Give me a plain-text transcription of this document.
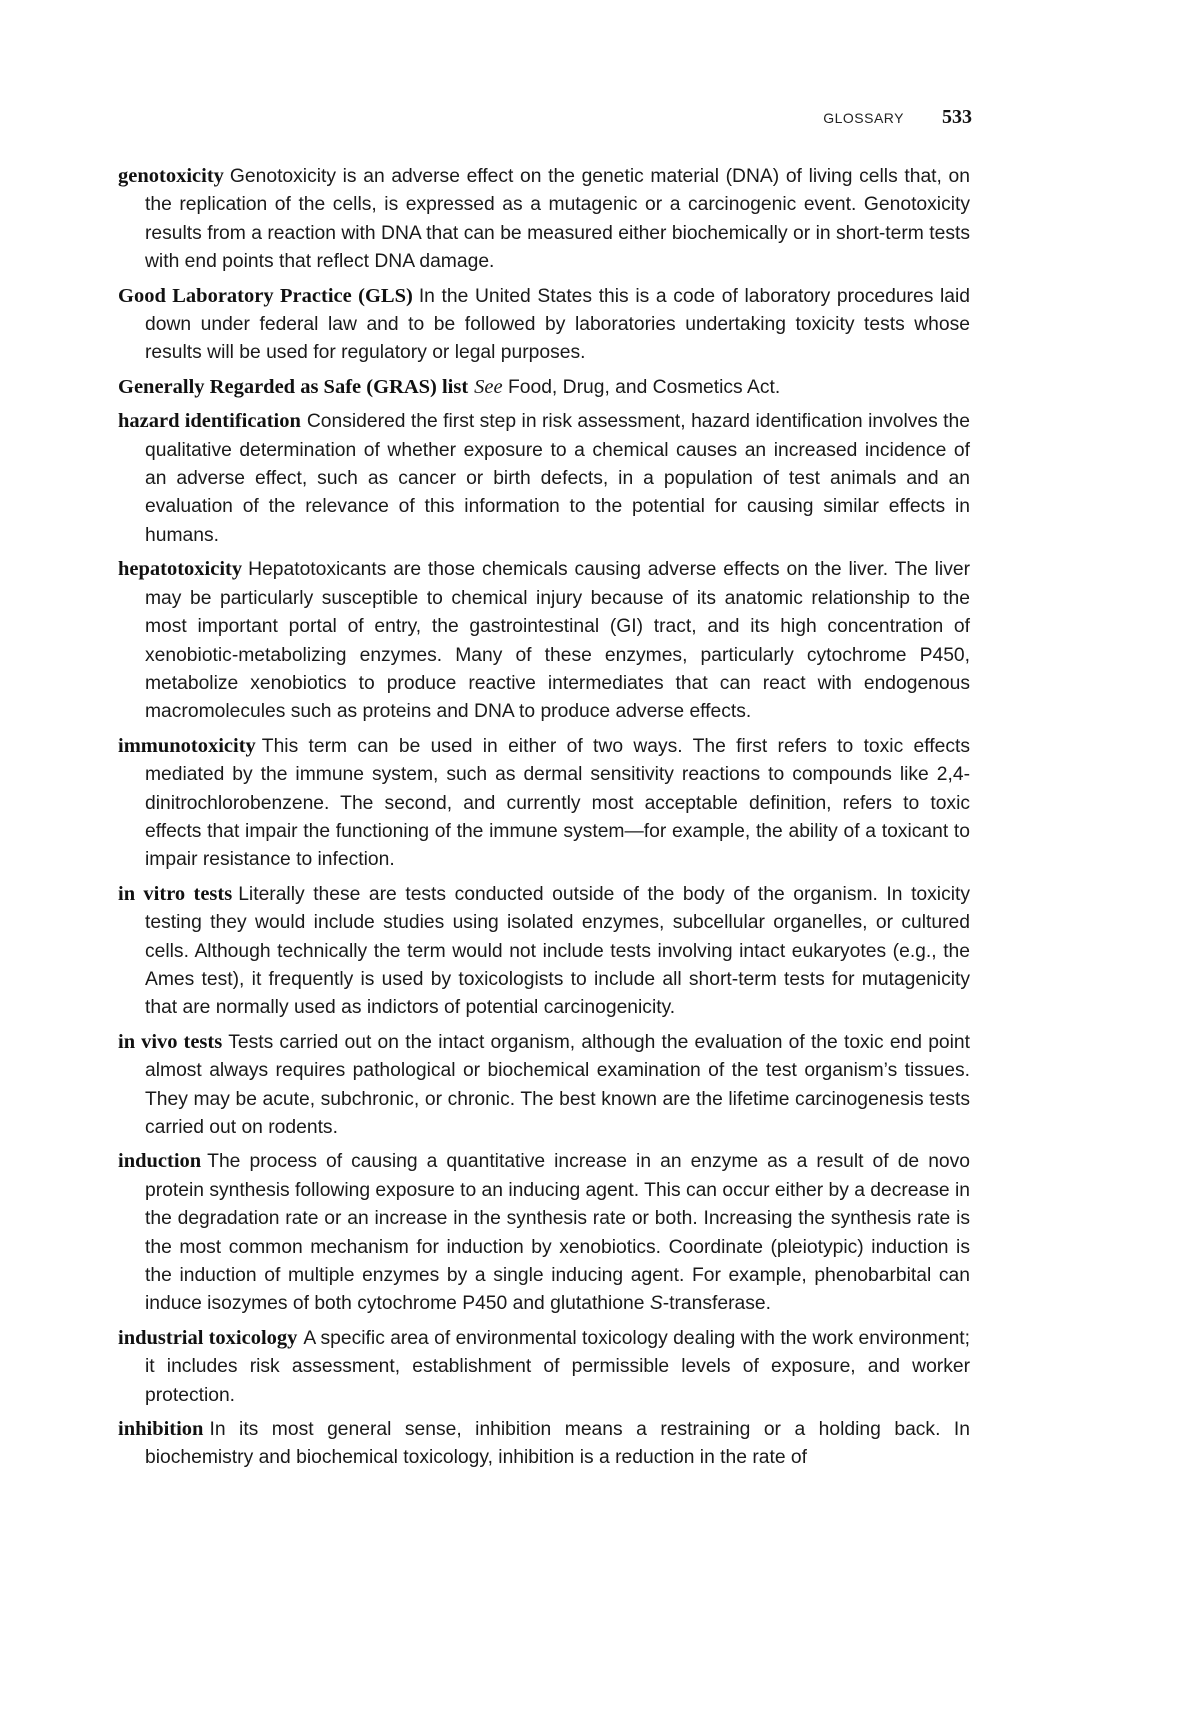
GLOSSARY 533

genotoxicity Genotoxicity is an adverse effect on the genetic material (DNA) of living cells that, on the replication of the cells, is expressed as a mutagenic or a carcinogenic event. Genotoxicity results from a reaction with DNA that can be measured either biochemically or in short-term tests with end points that reflect DNA damage.

Good Laboratory Practice (GLS) In the United States this is a code of laboratory procedures laid down under federal law and to be followed by laboratories undertaking toxicity tests whose results will be used for regulatory or legal purposes.

Generally Regarded as Safe (GRAS) list See Food, Drug, and Cosmetics Act.

hazard identification Considered the first step in risk assessment, hazard identification involves the qualitative determination of whether exposure to a chemical causes an increased incidence of an adverse effect, such as cancer or birth defects, in a population of test animals and an evaluation of the relevance of this information to the potential for causing similar effects in humans.

hepatotoxicity Hepatotoxicants are those chemicals causing adverse effects on the liver. The liver may be particularly susceptible to chemical injury because of its anatomic relationship to the most important portal of entry, the gastrointestinal (GI) tract, and its high concentration of xenobiotic-metabolizing enzymes. Many of these enzymes, particularly cytochrome P450, metabolize xenobiotics to produce reactive intermediates that can react with endogenous macromolecules such as proteins and DNA to produce adverse effects.

immunotoxicity This term can be used in either of two ways. The first refers to toxic effects mediated by the immune system, such as dermal sensitivity reactions to compounds like 2,4-dinitrochlorobenzene. The second, and currently most acceptable definition, refers to toxic effects that impair the functioning of the immune system—for example, the ability of a toxicant to impair resistance to infection.

in vitro tests Literally these are tests conducted outside of the body of the organism. In toxicity testing they would include studies using isolated enzymes, subcellular organelles, or cultured cells. Although technically the term would not include tests involving intact eukaryotes (e.g., the Ames test), it frequently is used by toxicologists to include all short-term tests for mutagenicity that are normally used as indictors of potential carcinogenicity.

in vivo tests Tests carried out on the intact organism, although the evaluation of the toxic end point almost always requires pathological or biochemical examination of the test organism’s tissues. They may be acute, subchronic, or chronic. The best known are the lifetime carcinogenesis tests carried out on rodents.

induction The process of causing a quantitative increase in an enzyme as a result of de novo protein synthesis following exposure to an inducing agent. This can occur either by a decrease in the degradation rate or an increase in the synthesis rate or both. Increasing the synthesis rate is the most common mechanism for induction by xenobiotics. Coordinate (pleiotypic) induction is the induction of multiple enzymes by a single inducing agent. For example, phenobarbital can induce isozymes of both cytochrome P450 and glutathione S-transferase.

industrial toxicology A specific area of environmental toxicology dealing with the work environment; it includes risk assessment, establishment of permissible levels of exposure, and worker protection.

inhibition In its most general sense, inhibition means a restraining or a holding back. In biochemistry and biochemical toxicology, inhibition is a reduction in the rate of
